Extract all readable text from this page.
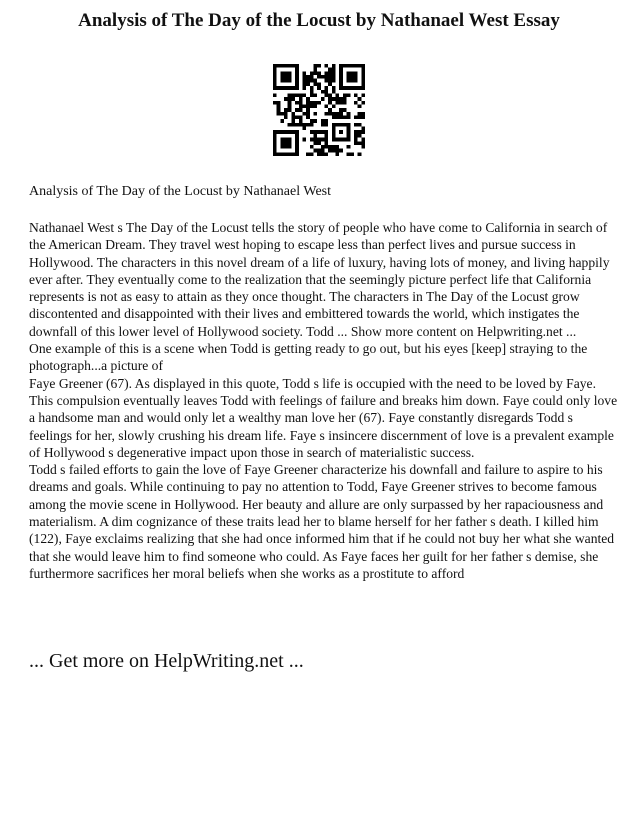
Analysis of The Day of the Locust by Nathanael West Essay

Analysis of The Day of the Locust by Nathanael West

Nathanael West s The Day of the Locust tells the story of people who have come to California in search of the American Dream. They travel west hoping to escape less than perfect lives and pursue success in

Hollywood. The characters in this novel dream of a life of luxury, having lots of money, and living happily ever after. They eventually come to the realization that the seemingly picture perfect life that California represents is not as easy to attain as they once thought. The characters in The Day of the Locust grow discontented and disappointed with their lives and embittered towards the world, which instigates the downfall of this lower level of Hollywood society. Todd ... Show more content on Helpwriting.net ...

One example of this is a scene when Todd is getting ready to go out, but his eyes [keep] straying to the photograph...a picture of

Faye Greener (67). As displayed in this quote, Todd s life is occupied with the need to be loved by Faye. This compulsion eventually leaves Todd with feelings of failure and breaks him down. Faye could only love a handsome man and would only let a wealthy man love her (67). Faye constantly disregards Todd s feelings for her, slowly crushing his dream life. Faye s insincere discernment of love is a prevalent example of Hollywood s degenerative impact upon those in search of materialistic success.

Todd s failed efforts to gain the love of Faye Greener characterize his downfall and failure to aspire to his dreams and goals. While continuing to pay no attention to Todd, Faye Greener strives to become famous among the movie scene in Hollywood. Her beauty and allure are only surpassed by her rapaciousness and materialism. A dim cognizance of these traits lead her to blame herself for her father s death. I killed him (122), Faye exclaims realizing that she had once informed him that if he could not buy her what she wanted that she would leave him to find someone who could. As Faye faces her guilt for her father s demise, she furthermore sacrifices her moral beliefs when she works as a prostitute to afford

... Get more on HelpWriting.net ...
